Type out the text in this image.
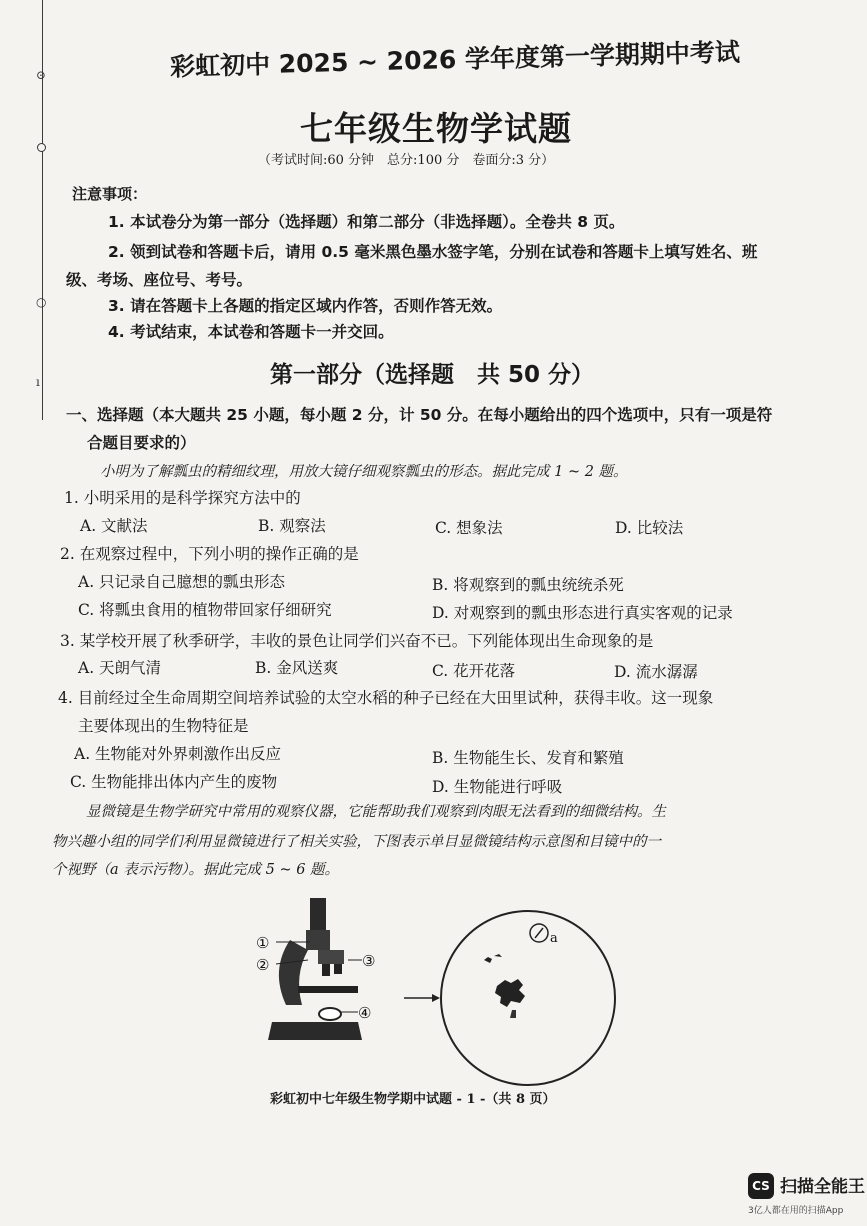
⊙
○
ı
彩虹初中 2025 ~ 2026 学年度第一学期期中考试
七年级生物学试题
（考试时间:60 分钟　总分:100 分　卷面分:3 分）
注意事项：
1. 本试卷分为第一部分（选择题）和第二部分（非选择题）。全卷共 8 页。
2. 领到试卷和答题卡后，请用 0.5 毫米黑色墨水签字笔，分别在试卷和答题卡上填写姓名、班
级、考场、座位号、考号。
3. 请在答题卡上各题的指定区域内作答，否则作答无效。
4. 考试结束，本试卷和答题卡一并交回。
第一部分（选择题　共 50 分）
一、选择题（本大题共 25 小题，每小题 2 分，计 50 分。在每小题给出的四个选项中，只有一项是符
合题目要求的）
小明为了解瓢虫的精细纹理，用放大镜仔细观察瓢虫的形态。据此完成 1 ~ 2 题。
1. 小明采用的是科学探究方法中的
A. 文献法	B. 观察法	C. 想象法	D. 比较法
2. 在观察过程中，下列小明的操作正确的是
A. 只记录自己臆想的瓢虫形态	B. 将观察到的瓢虫统统杀死
C. 将瓢虫食用的植物带回家仔细研究	D. 对观察到的瓢虫形态进行真实客观的记录
3. 某学校开展了秋季研学，丰收的景色让同学们兴奋不已。下列能体现出生命现象的是
A. 天朗气清	B. 金风送爽	C. 花开花落	D. 流水潺潺
4. 目前经过全生命周期空间培养试验的太空水稻的种子已经在大田里试种，获得丰收。这一现象
主要体现出的生物特征是
A. 生物能对外界刺激作出反应	B. 生物能生长、发育和繁殖
C. 生物能排出体内产生的废物	D. 生物能进行呼吸
显微镜是生物学研究中常用的观察仪器，它能帮助我们观察到肉眼无法看到的细微结构。生
物兴趣小组的同学们利用显微镜进行了相关实验，下图表示单目显微镜结构示意图和目镜中的一
个视野（a 表示污物）。据此完成 5 ~ 6 题。
①
②	③
④
a
彩虹初中七年级生物学期中试题 - 1 -（共 8 页）
CS 扫描全能王
3亿人都在用的扫描App
